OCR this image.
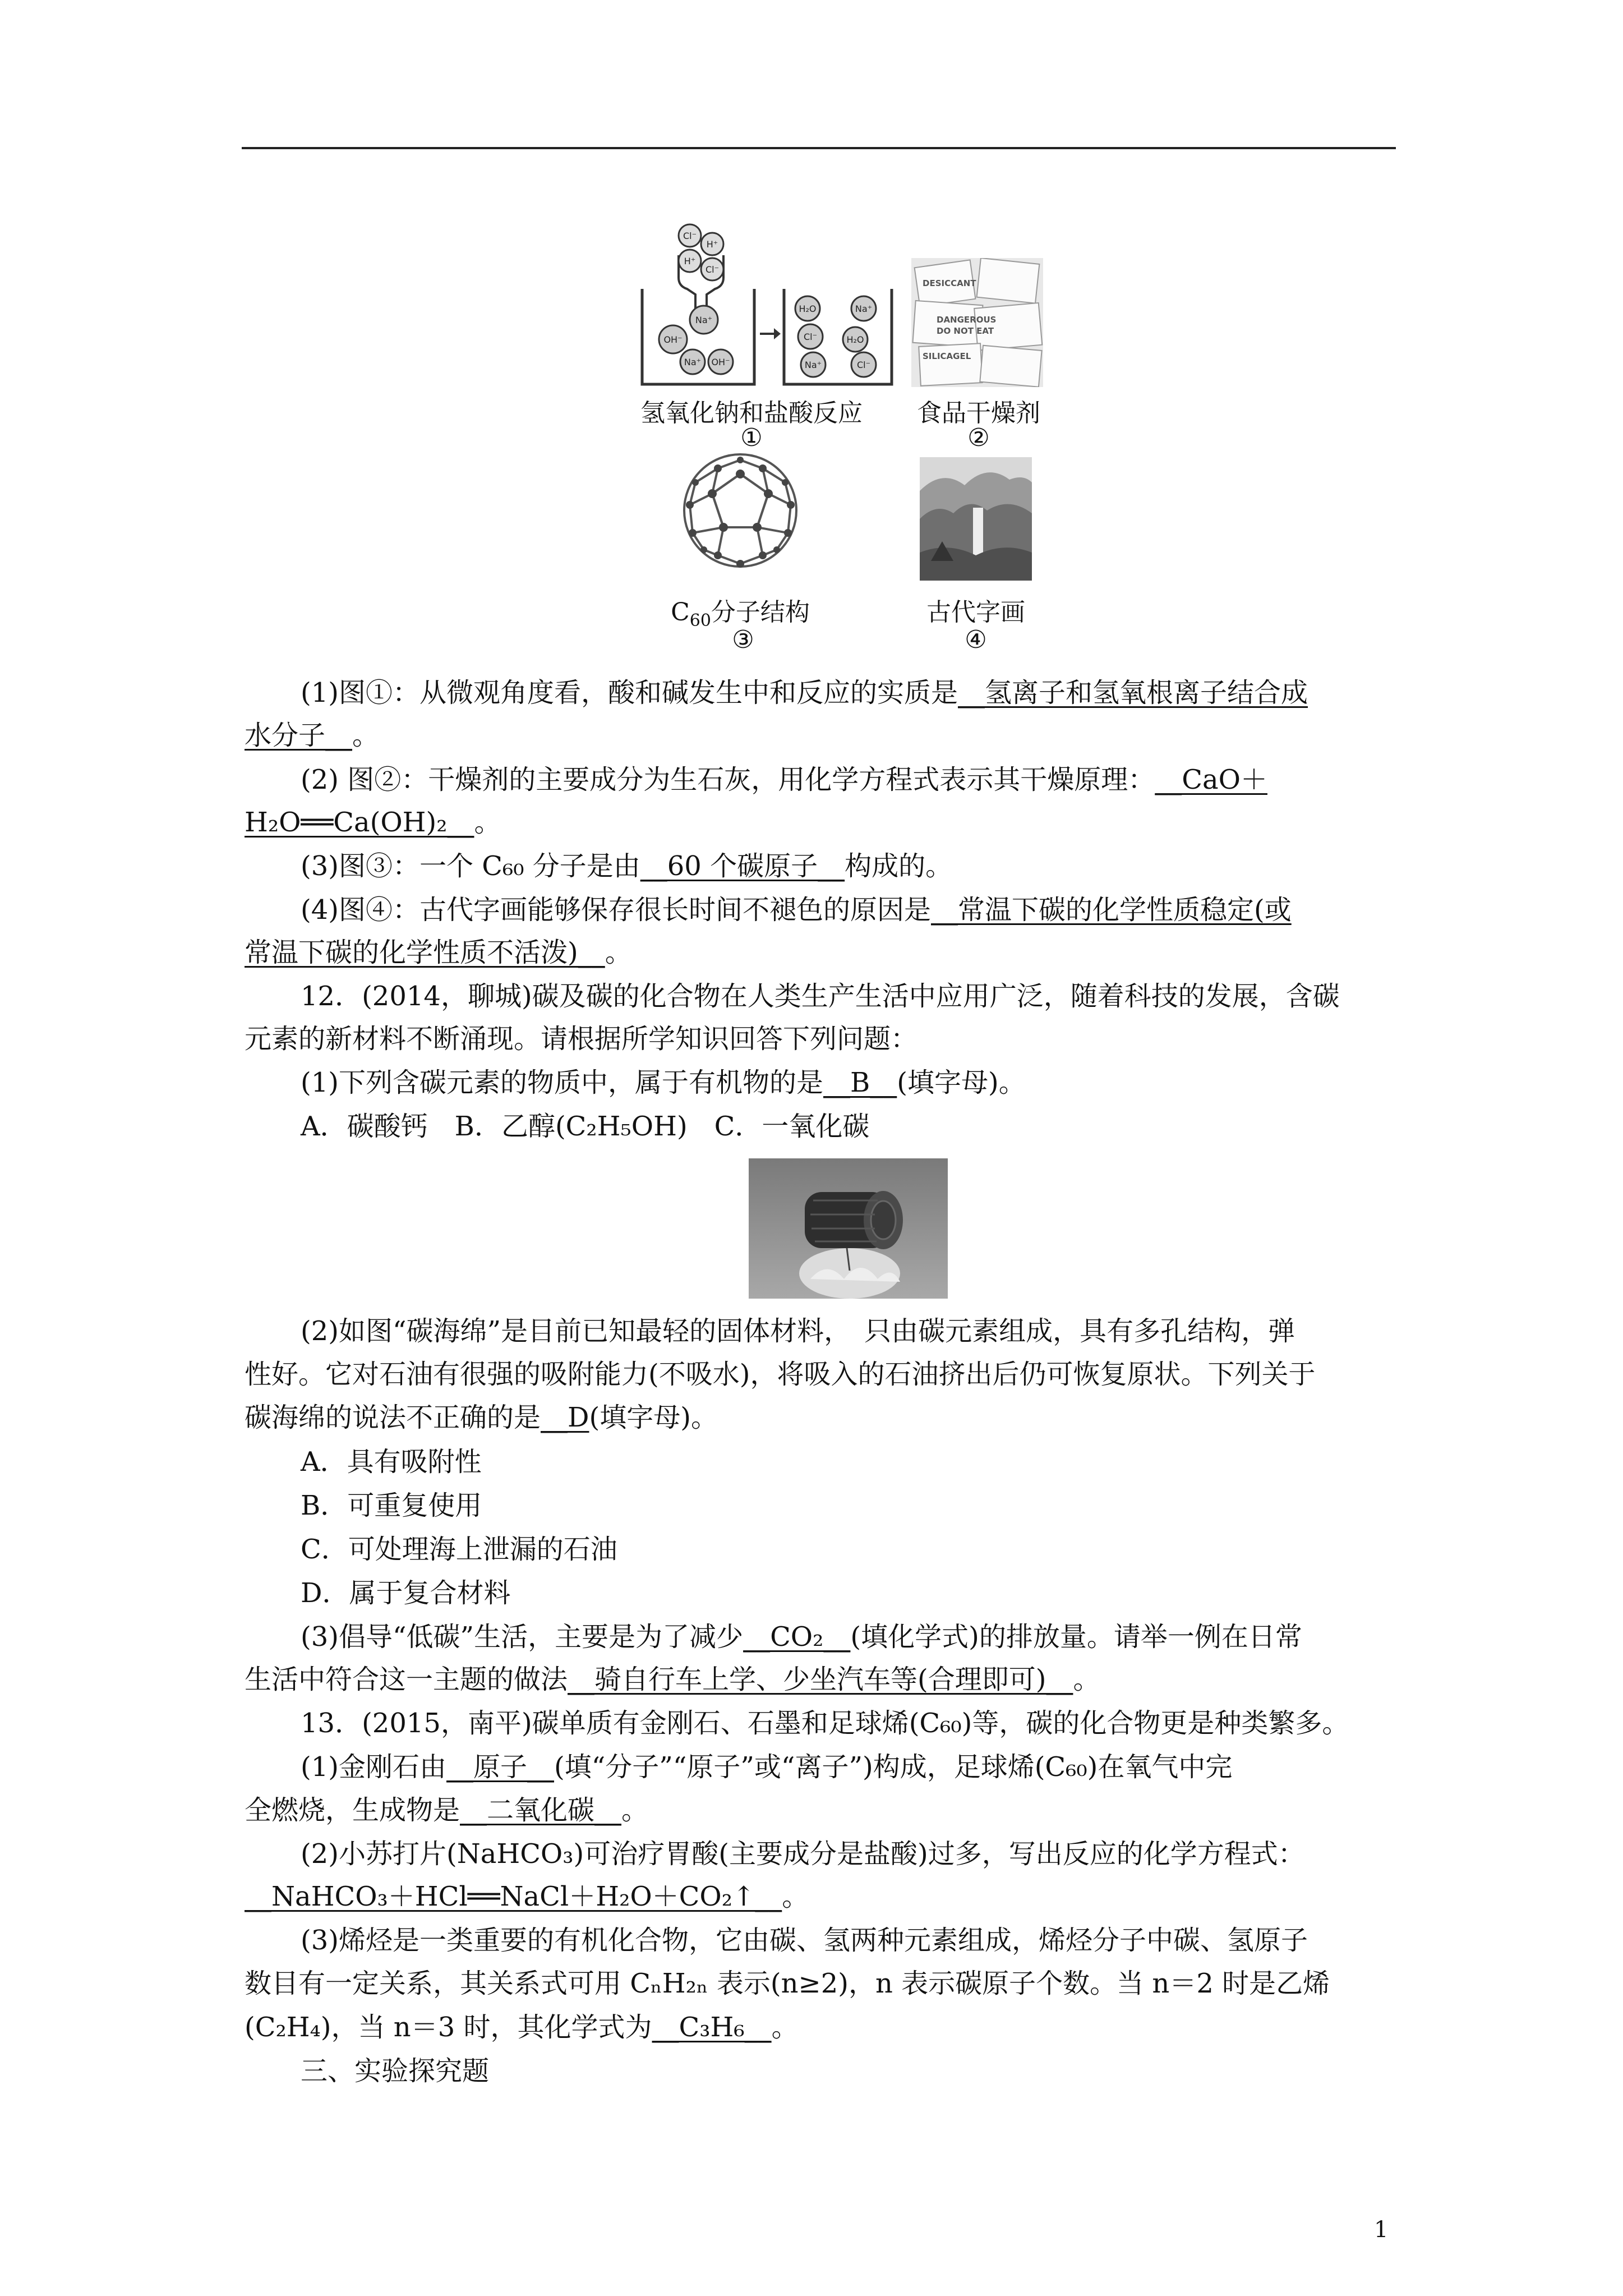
Cl⁻
H⁺
H⁺
Cl⁻
OH⁻
Na⁺
Na⁺ OH⁻
H₂O	Na⁺
Cl⁻	H₂O
Na⁺	Cl⁻
氢氧化钠和盐酸反应
①
DESICCANT
DANGEROUS
DO NOT EAT
SILICAGEL
食品干燥剂
②
$C_{60}$分子结构
③
古代字画
④
(1)图①：从微观角度看，酸和碱发生中和反应的实质是__氢离子和氢氧根离子结合成
水分子__。
(2) 图②：干燥剂的主要成分为生石灰，用化学方程式表示其干燥原理：__CaO＋
H₂O══Ca(OH)₂__。
(3)图③：一个 C₆₀ 分子是由__60 个碳原子__构成的。
(4)图④：古代字画能够保存很长时间不褪色的原因是__常温下碳的化学性质稳定(或
常温下碳的化学性质不活泼)__。
12．(2014，聊城)碳及碳的化合物在人类生产生活中应用广泛，随着科技的发展，含碳
元素的新材料不断涌现。请根据所学知识回答下列问题：
(1)下列含碳元素的物质中，属于有机物的是__B__(填字母)。
A．碳酸钙　B．乙醇(C₂H₅OH)　C．一氧化碳
(2)如图“碳海绵”是目前已知最轻的固体材料，　只由碳元素组成，具有多孔结构，弹
性好。它对石油有很强的吸附能力(不吸水)，将吸入的石油挤出后仍可恢复原状。下列关于
碳海绵的说法不正确的是__D(填字母)。
A．具有吸附性
B．可重复使用
C．可处理海上泄漏的石油
D．属于复合材料
(3)倡导“低碳”生活，主要是为了减少__CO₂__(填化学式)的排放量。请举一例在日常
生活中符合这一主题的做法__骑自行车上学、少坐汽车等(合理即可)__。
13．(2015，南平)碳单质有金刚石、石墨和足球烯(C₆₀)等，碳的化合物更是种类繁多。
(1)金刚石由__原子__(填“分子”“原子”或“离子”)构成，足球烯(C₆₀)在氧气中完
全燃烧，生成物是__二氧化碳__。
(2)小苏打片(NaHCO₃)可治疗胃酸(主要成分是盐酸)过多，写出反应的化学方程式：
__NaHCO₃＋HCl══NaCl＋H₂O＋CO₂↑__。
(3)烯烃是一类重要的有机化合物，它由碳、氢两种元素组成，烯烃分子中碳、氢原子
数目有一定关系，其关系式可用 CₙH₂ₙ 表示(n≥2)，n 表示碳原子个数。当 n＝2 时是乙烯
(C₂H₄)，当 n＝3 时，其化学式为__C₃H₆__。
三、实验探究题
1
